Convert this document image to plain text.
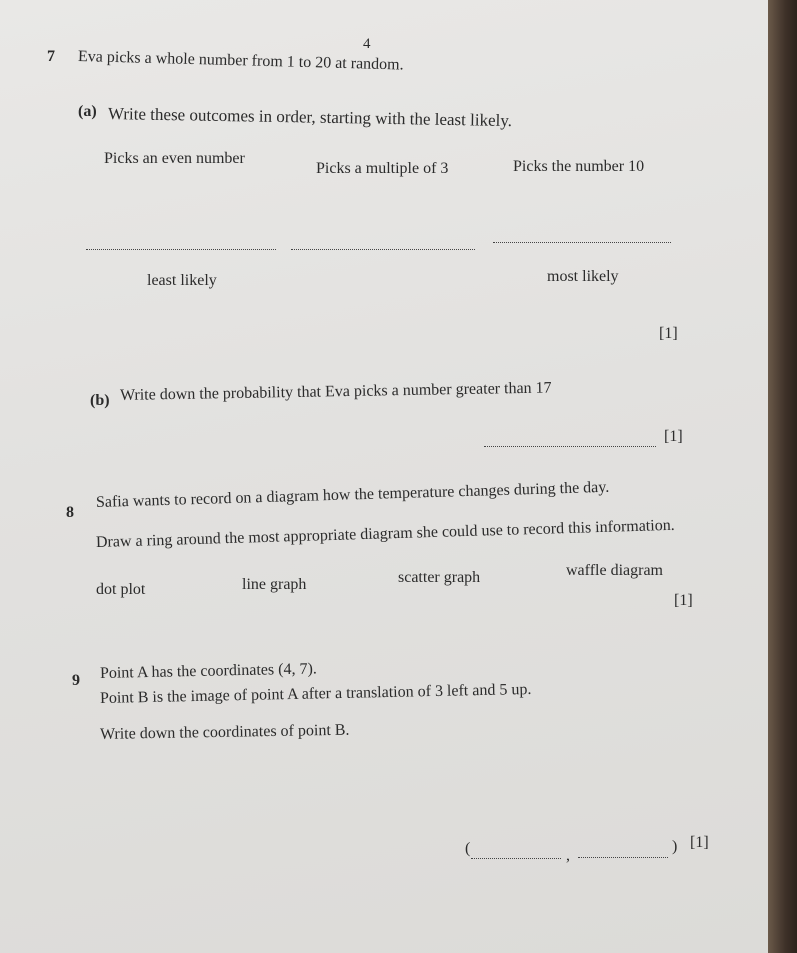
4
7 Eva picks a whole number from 1 to 20 at random.
(a) Write these outcomes in order, starting with the least likely.
Picks an even number
Picks a multiple of 3	Picks the number 10
least likely	most likely
[1]
(b) Write down the probability that Eva picks a number greater than 17
[1]
8
Safia wants to record on a diagram how the temperature changes during the day.
Draw a ring around the most appropriate diagram she could use to record this information.
dot plot	line graph	scatter graph	waffle diagram
[1]
9 Point A has the coordinates (4, 7).
Point B is the image of point A after a translation of 3 left and 5 up.
Write down the coordinates of point B.
(	,
) [1]
